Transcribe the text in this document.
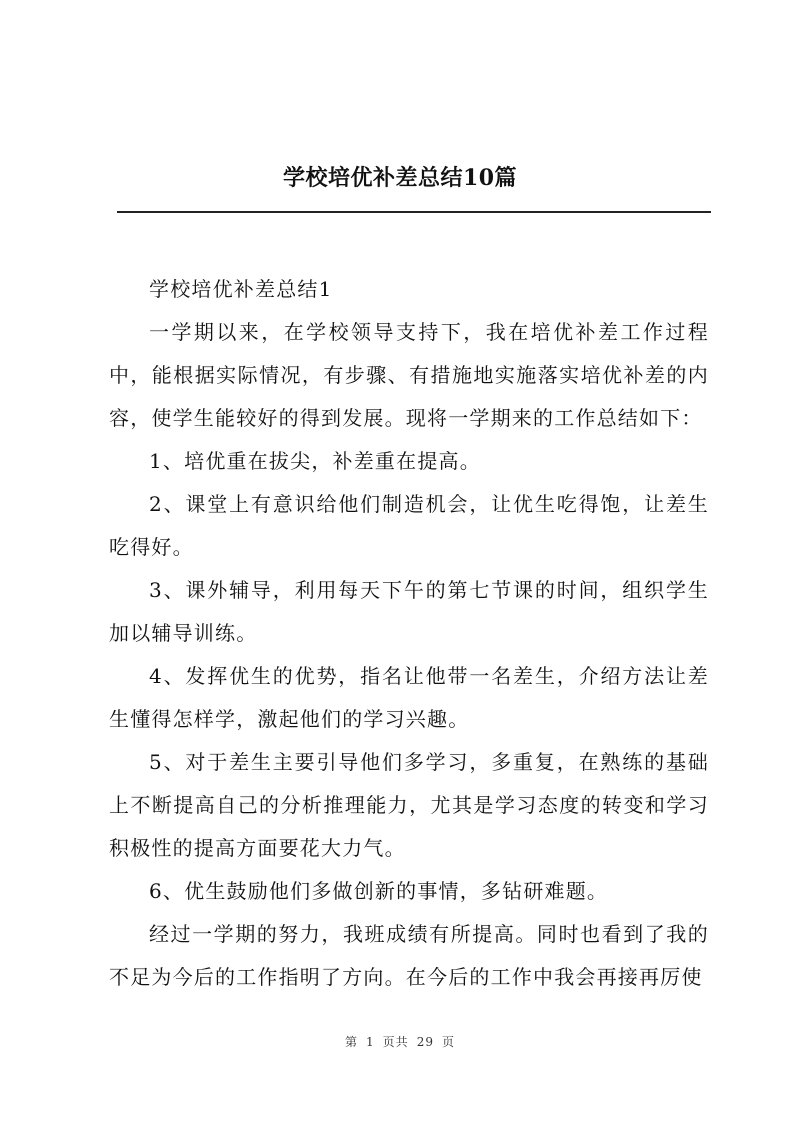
学校培优补差总结10篇

学校培优补差总结1

一学期以来，在学校领导支持下，我在培优补差工作过程中，能根据实际情况，有步骤、有措施地实施落实培优补差的内容，使学生能较好的得到发展。现将一学期来的工作总结如下：

1、培优重在拔尖，补差重在提高。

2、课堂上有意识给他们制造机会，让优生吃得饱，让差生吃得好。

3、课外辅导，利用每天下午的第七节课的时间，组织学生加以辅导训练。

4、发挥优生的优势，指名让他带一名差生，介绍方法让差生懂得怎样学，激起他们的学习兴趣。

5、对于差生主要引导他们多学习，多重复，在熟练的基础上不断提高自己的分析推理能力，尤其是学习态度的转变和学习积极性的提高方面要花大力气。

6、优生鼓励他们多做创新的事情，多钻研难题。

经过一学期的努力，我班成绩有所提高。同时也看到了我的不足为今后的工作指明了方向。在今后的工作中我会再接再厉使

第 1 页共 29 页
